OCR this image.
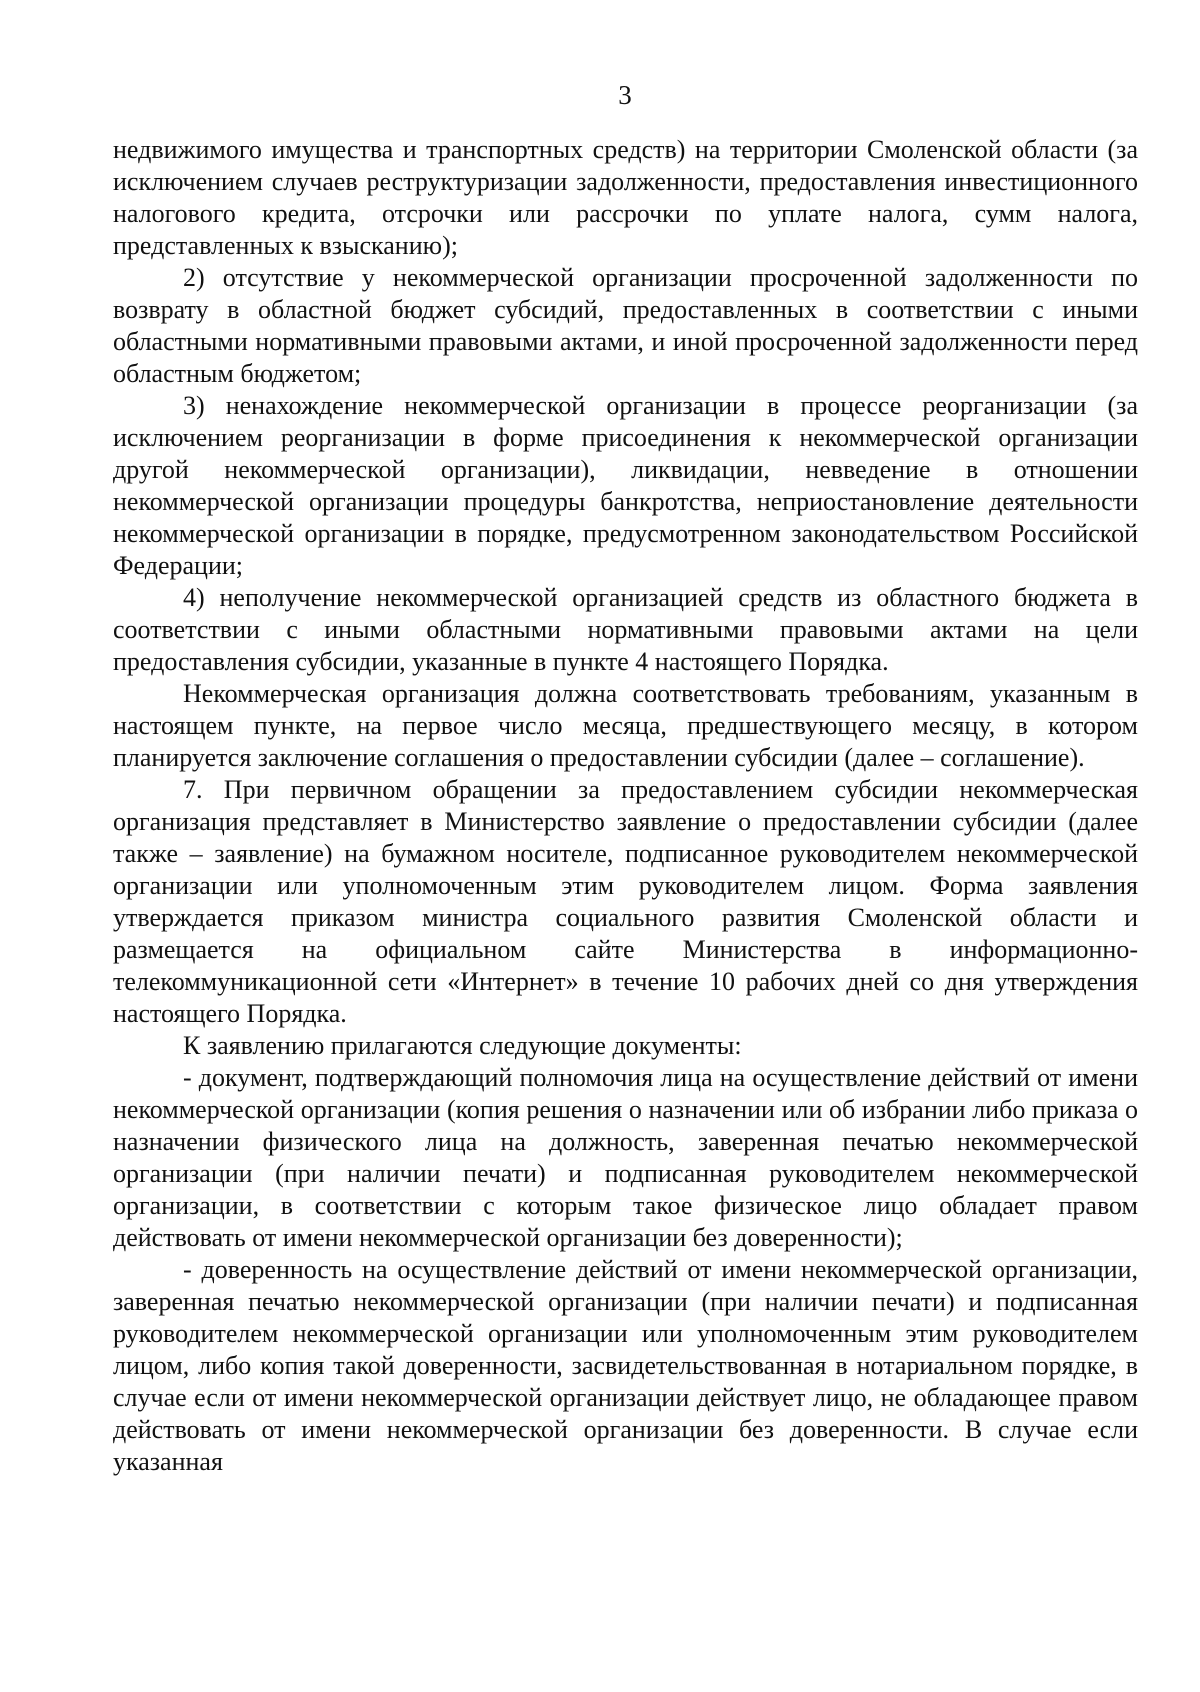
3

недвижимого имущества и транспортных средств) на территории Смоленской области (за исключением случаев реструктуризации задолженности, предоставления инвестиционного налогового кредита, отсрочки или рассрочки по уплате налога, сумм налога, представленных к взысканию);

2) отсутствие у некоммерческой организации просроченной задолженности по возврату в областной бюджет субсидий, предоставленных в соответствии с иными областными нормативными правовыми актами, и иной просроченной задолженности перед областным бюджетом;

3) ненахождение некоммерческой организации в процессе реорганизации (за исключением реорганизации в форме присоединения к некоммерческой организации другой некоммерческой организации), ликвидации, невведение в отношении некоммерческой организации процедуры банкротства, неприостановление деятельности некоммерческой организации в порядке, предусмотренном законодательством Российской Федерации;

4) неполучение некоммерческой организацией средств из областного бюджета в соответствии с иными областными нормативными правовыми актами на цели предоставления субсидии, указанные в пункте 4 настоящего Порядка.

Некоммерческая организация должна соответствовать требованиям, указанным в настоящем пункте, на первое число месяца, предшествующего месяцу, в котором планируется заключение соглашения о предоставлении субсидии (далее – соглашение).

7. При первичном обращении за предоставлением субсидии некоммерческая организация представляет в Министерство заявление о предоставлении субсидии (далее также – заявление) на бумажном носителе, подписанное руководителем некоммерческой организации или уполномоченным этим руководителем лицом. Форма заявления утверждается приказом министра социального развития Смоленской области и размещается на официальном сайте Министерства в информационно-телекоммуникационной сети «Интернет» в течение 10 рабочих дней со дня утверждения настоящего Порядка.

К заявлению прилагаются следующие документы:

- документ, подтверждающий полномочия лица на осуществление действий от имени некоммерческой организации (копия решения о назначении или об избрании либо приказа о назначении физического лица на должность, заверенная печатью некоммерческой организации (при наличии печати) и подписанная руководителем некоммерческой организации, в соответствии с которым такое физическое лицо обладает правом действовать от имени некоммерческой организации без доверенности);

- доверенность на осуществление действий от имени некоммерческой организации, заверенная печатью некоммерческой организации (при наличии печати) и подписанная руководителем некоммерческой организации или уполномоченным этим руководителем лицом, либо копия такой доверенности, засвидетельствованная в нотариальном порядке, в случае если от имени некоммерческой организации действует лицо, не обладающее правом действовать от имени некоммерческой организации без доверенности. В случае если указанная
